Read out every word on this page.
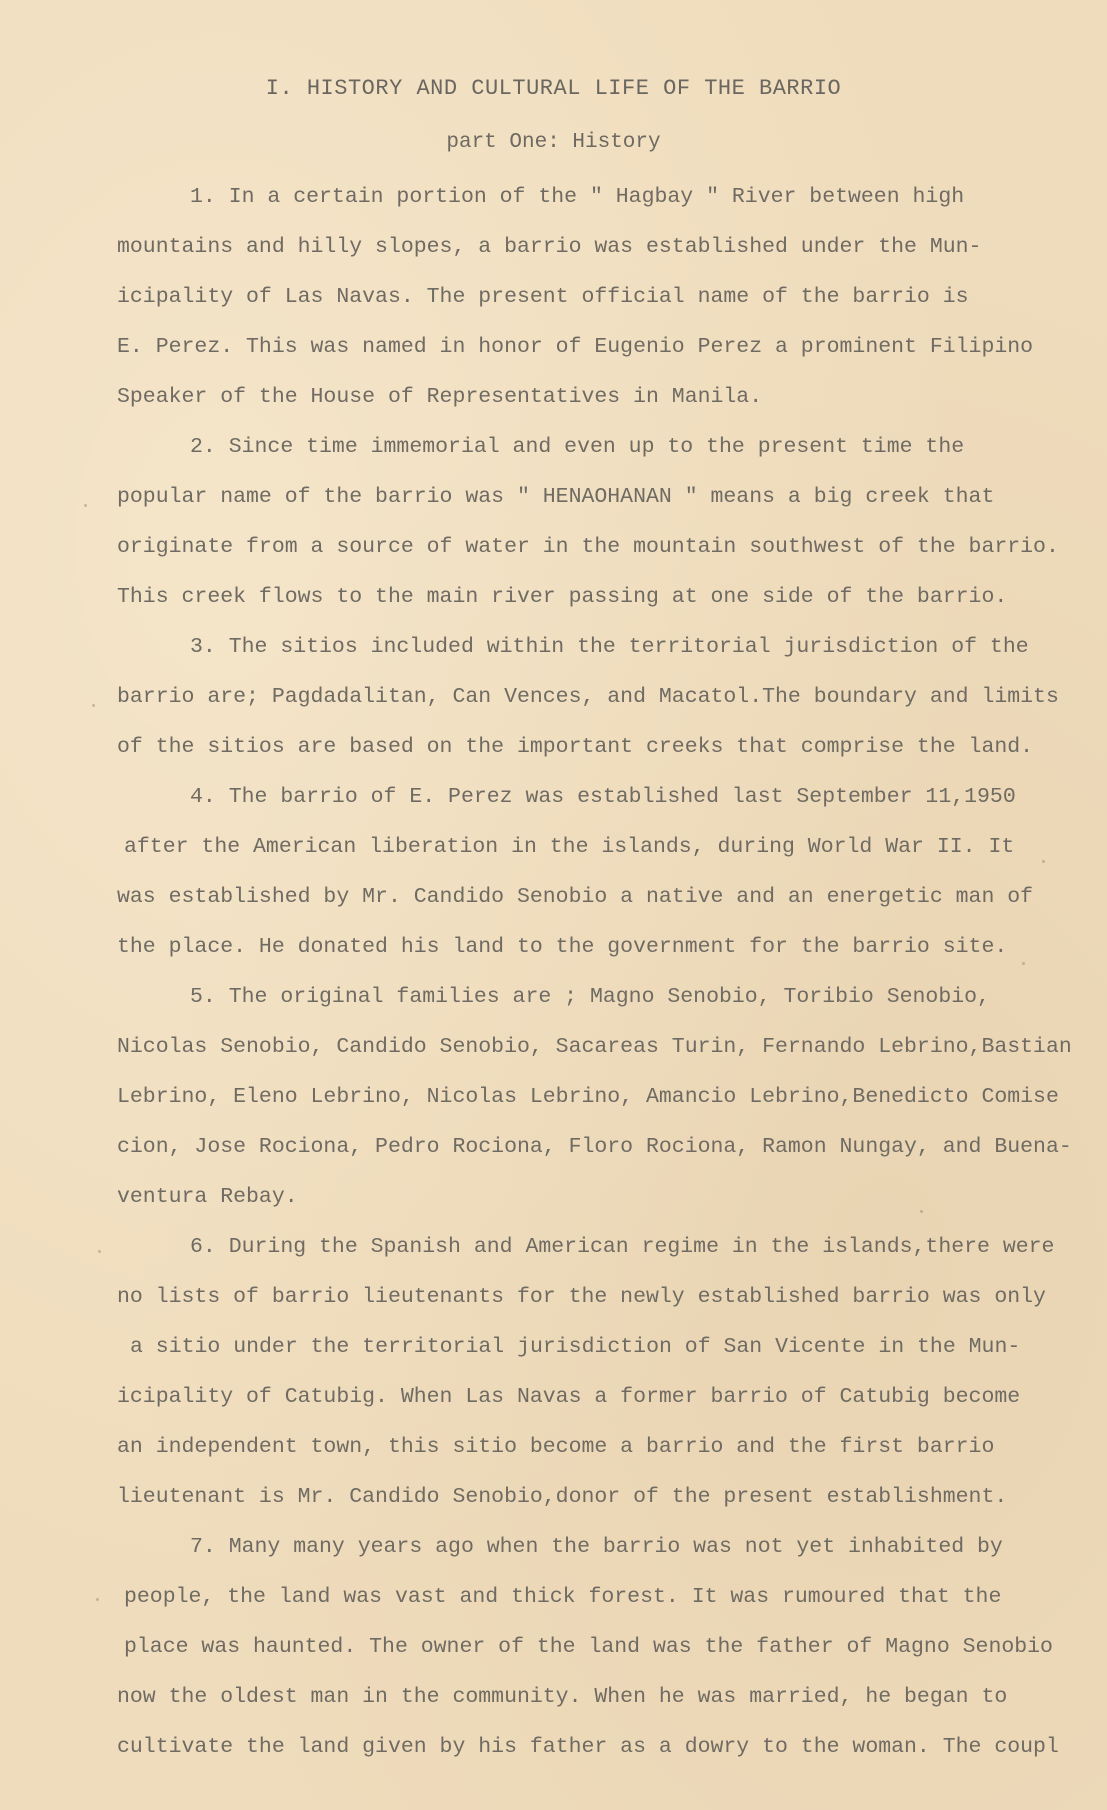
I. HISTORY AND CULTURAL LIFE OF THE BARRIO
part One: History
1. In a certain portion of the " Hagbay " River between high
mountains and hilly slopes, a barrio was established under the Mun-
icipality of Las Navas. The present official name of the barrio is
E. Perez. This was named in honor of Eugenio Perez a prominent Filipino
Speaker of the House of Representatives in Manila.
2. Since time immemorial and even up to the present time the
popular name of the barrio was " HENAOHANAN " means a big creek that
originate from a source of water in the mountain southwest of the barrio.
This creek flows to the main river passing at one side of the barrio.
3. The sitios included within the territorial jurisdiction of the
barrio are; Pagdadalitan, Can Vences, and Macatol.The boundary and limits
of the sitios are based on the important creeks that comprise the land.
4. The barrio of E. Perez was established last September 11,1950
after the American liberation in the islands, during World War II. It
was established by Mr. Candido Senobio a native and an energetic man of
the place. He donated his land to the government for the barrio site.
5. The original families are ; Magno Senobio, Toribio Senobio,
Nicolas Senobio, Candido Senobio, Sacareas Turin, Fernando Lebrino,Bastian
Lebrino, Eleno Lebrino, Nicolas Lebrino, Amancio Lebrino,Benedicto Comise
cion, Jose Rociona, Pedro Rociona, Floro Rociona, Ramon Nungay, and Buena-
ventura Rebay.
6. During the Spanish and American regime in the islands,there were
no lists of barrio lieutenants for the newly established barrio was only
a sitio under the territorial jurisdiction of San Vicente in the Mun-
icipality of Catubig. When Las Navas a former barrio of Catubig become
an independent town, this sitio become a barrio and the first barrio
lieutenant is Mr. Candido Senobio,donor of the present establishment.
7. Many many years ago when the barrio was not yet inhabited by
people, the land was vast and thick forest. It was rumoured that the
place was haunted. The owner of the land was the father of Magno Senobio
now the oldest man in the community. When he was married, he began to
cultivate the land given by his father as a dowry to the woman. The coupl
